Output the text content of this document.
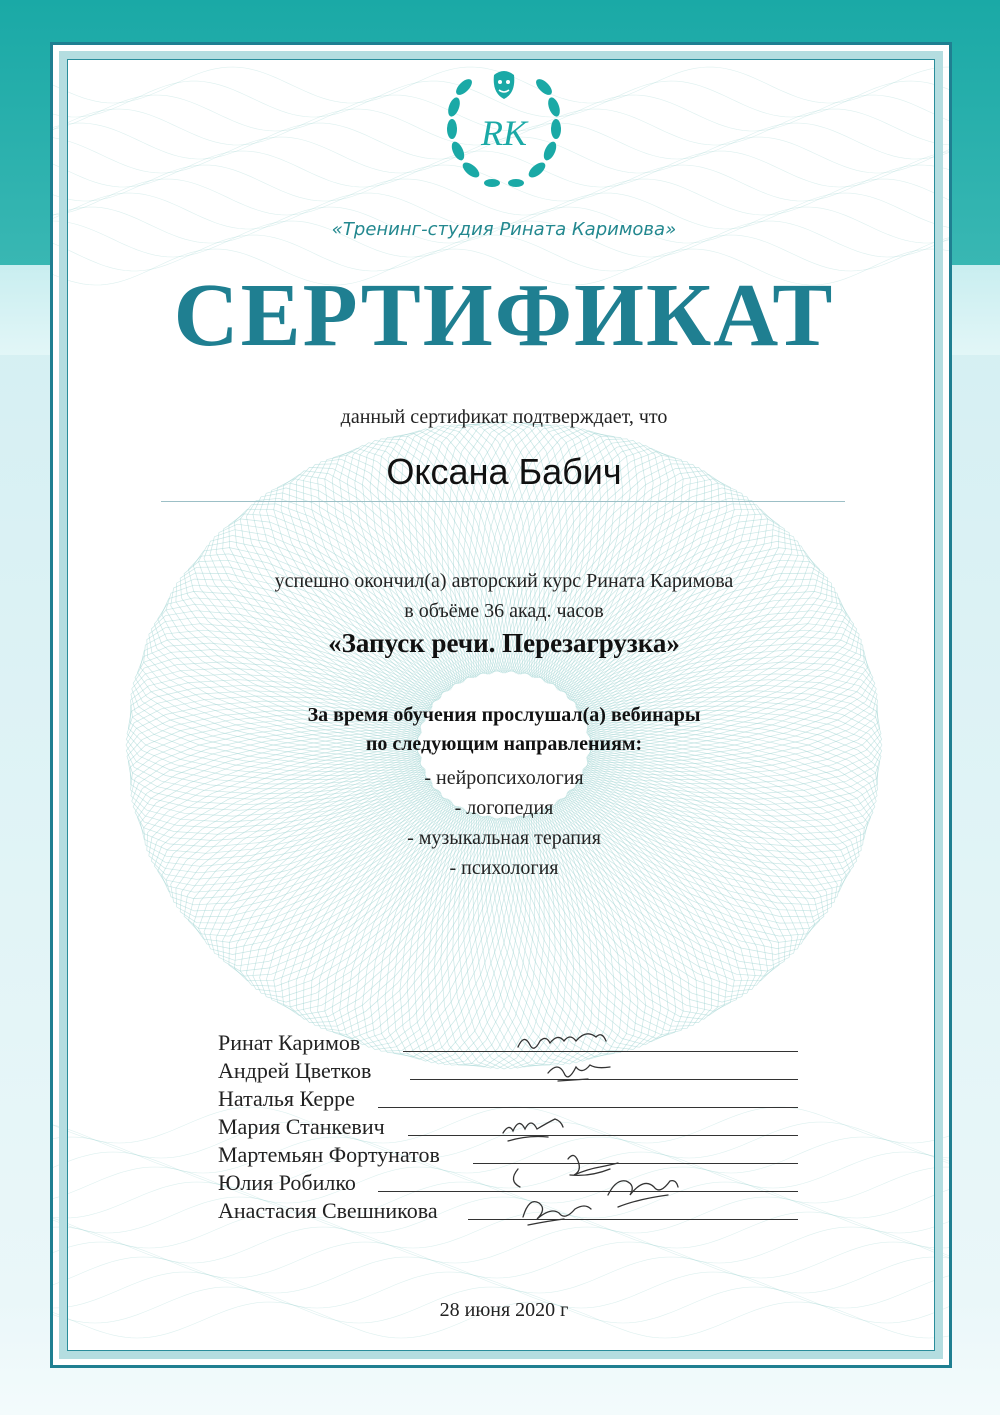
RK
«Тренинг-студия Рината Каримова»
СЕРТИФИКАТ
данный сертификат подтверждает, что
Оксана Бабич
успешно окончил(а) авторский курс Рината Каримова
в объёме 36 акад. часов
«Запуск речи. Перезагрузка»
За время обучения прослушал(а) вебинары
по следующим направлениям:
- нейропсихология
- логопедия
- музыкальная терапия
- психология
Ринат Каримов
Андрей Цветков
Наталья Керре
Мария Станкевич
Мартемьян Фортунатов
Юлия Робилко
Анастасия Свешникова
28 июня 2020 г
